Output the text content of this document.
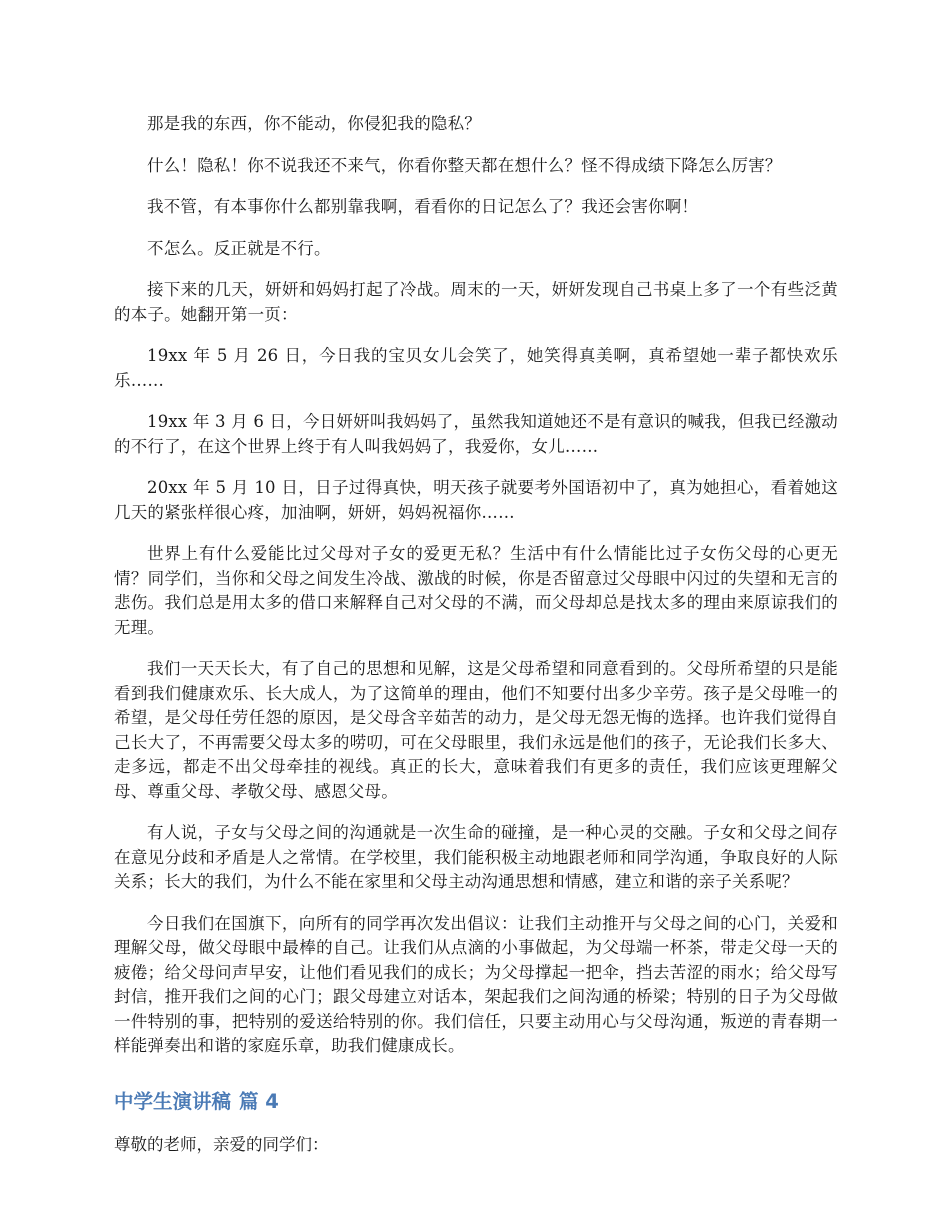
那是我的东西，你不能动，你侵犯我的隐私？

什么！隐私！你不说我还不来气，你看你整天都在想什么？怪不得成绩下降怎么厉害？

我不管，有本事你什么都别靠我啊，看看你的日记怎么了？我还会害你啊！

不怎么。反正就是不行。

接下来的几天，妍妍和妈妈打起了冷战。周末的一天，妍妍发现自己书桌上多了一个有些泛黄的本子。她翻开第一页：

19xx 年 5 月 26 日，今日我的宝贝女儿会笑了，她笑得真美啊，真希望她一辈子都快欢乐乐……

19xx 年 3 月 6 日，今日妍妍叫我妈妈了，虽然我知道她还不是有意识的喊我，但我已经激动的不行了，在这个世界上终于有人叫我妈妈了，我爱你，女儿……

20xx 年 5 月 10 日，日子过得真快，明天孩子就要考外国语初中了，真为她担心，看着她这几天的紧张样很心疼，加油啊，妍妍，妈妈祝福你……

世界上有什么爱能比过父母对子女的爱更无私？生活中有什么情能比过子女伤父母的心更无情？同学们，当你和父母之间发生冷战、激战的时候，你是否留意过父母眼中闪过的失望和无言的悲伤。我们总是用太多的借口来解释自己对父母的不满，而父母却总是找太多的理由来原谅我们的无理。

我们一天天长大，有了自己的思想和见解，这是父母希望和同意看到的。父母所希望的只是能看到我们健康欢乐、长大成人，为了这简单的理由，他们不知要付出多少辛劳。孩子是父母唯一的希望，是父母任劳任怨的原因，是父母含辛茹苦的动力，是父母无怨无悔的选择。也许我们觉得自己长大了，不再需要父母太多的唠叨，可在父母眼里，我们永远是他们的孩子，无论我们长多大、走多远，都走不出父母牵挂的视线。真正的长大，意味着我们有更多的责任，我们应该更理解父母、尊重父母、孝敬父母、感恩父母。

有人说，子女与父母之间的沟通就是一次生命的碰撞，是一种心灵的交融。子女和父母之间存在意见分歧和矛盾是人之常情。在学校里，我们能积极主动地跟老师和同学沟通，争取良好的人际关系；长大的我们，为什么不能在家里和父母主动沟通思想和情感，建立和谐的亲子关系呢？

今日我们在国旗下，向所有的同学再次发出倡议：让我们主动推开与父母之间的心门，关爱和理解父母，做父母眼中最棒的自己。让我们从点滴的小事做起，为父母端一杯茶，带走父母一天的疲倦；给父母问声早安，让他们看见我们的成长；为父母撑起一把伞，挡去苦涩的雨水；给父母写封信，推开我们之间的心门；跟父母建立对话本，架起我们之间沟通的桥梁；特别的日子为父母做一件特别的事，把特别的爱送给特别的你。我们信任，只要主动用心与父母沟通，叛逆的青春期一样能弹奏出和谐的家庭乐章，助我们健康成长。

中学生演讲稿 篇 4

尊敬的老师，亲爱的同学们：
